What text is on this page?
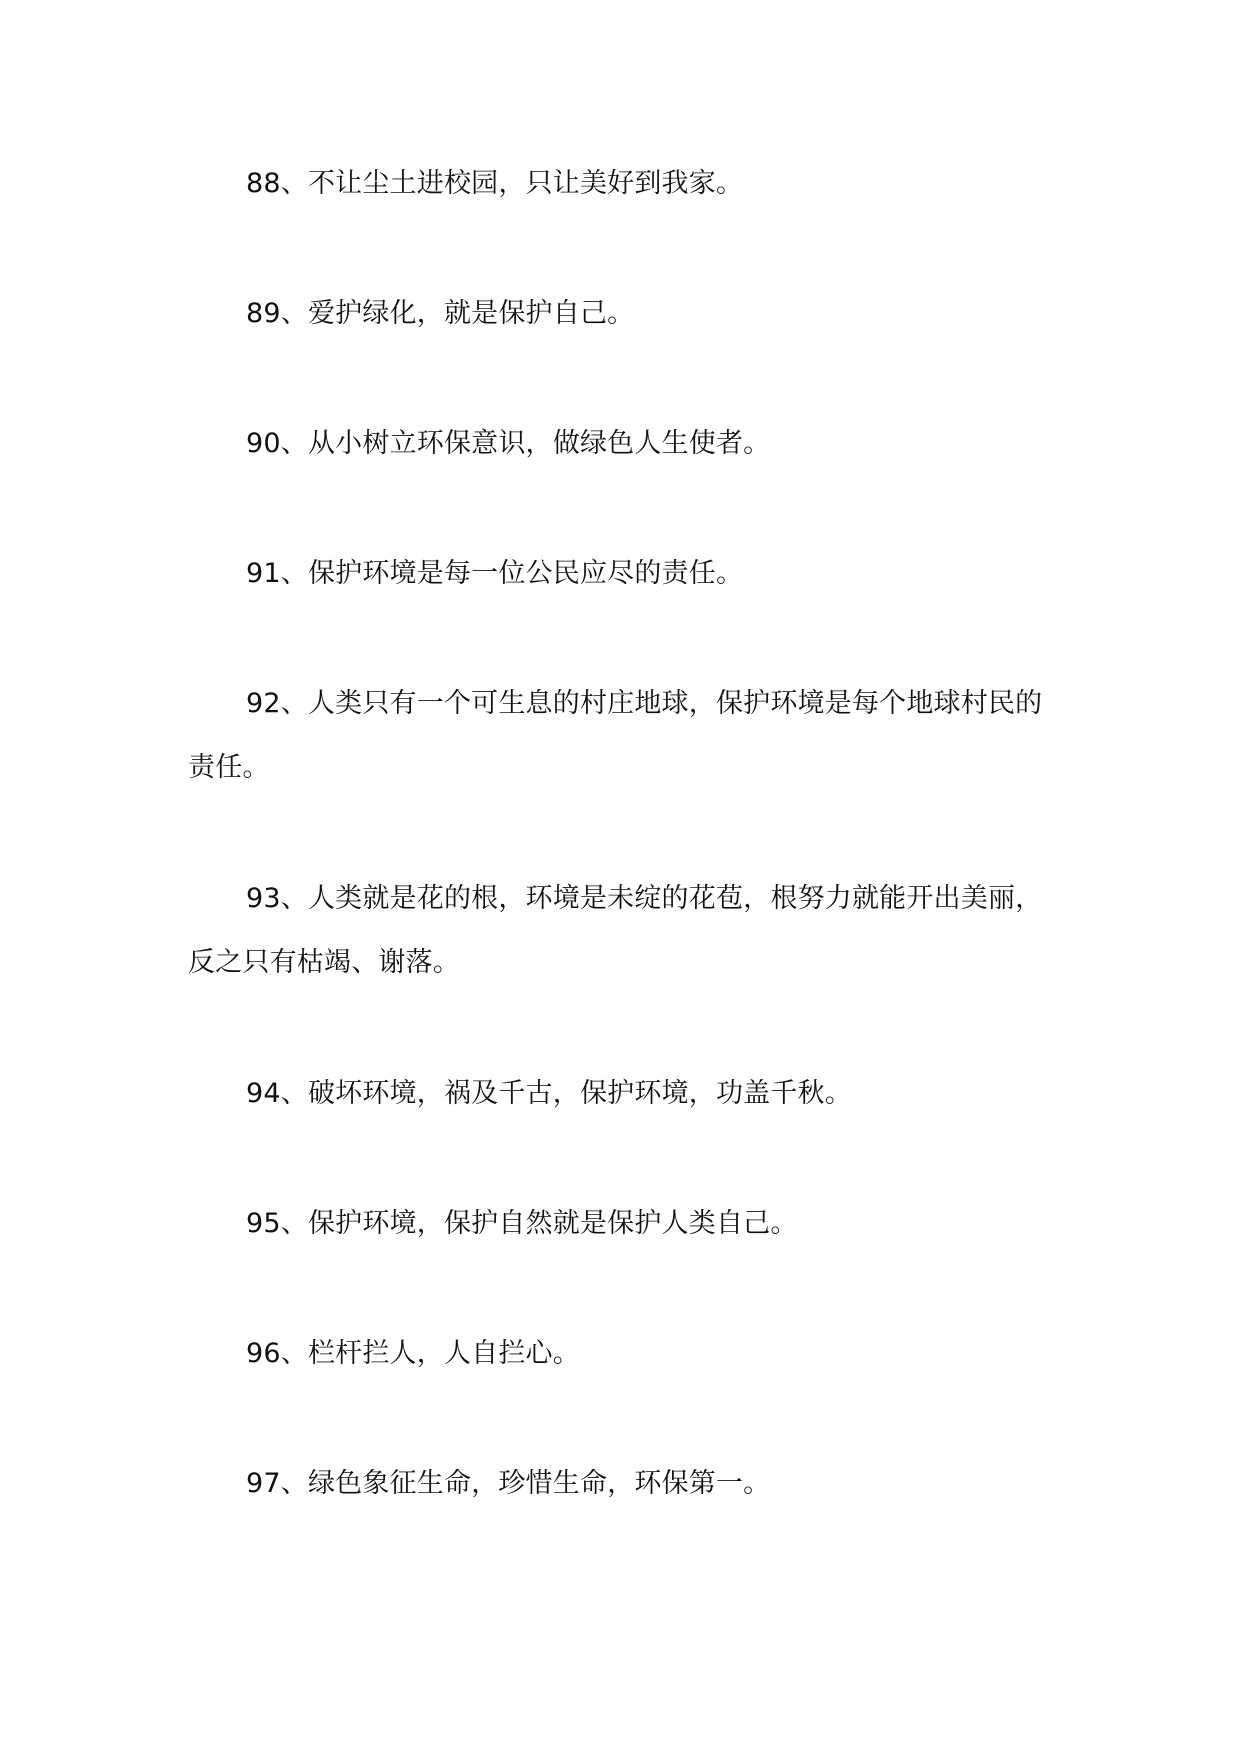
88、不让尘土进校园，只让美好到我家。

89、爱护绿化，就是保护自己。

90、从小树立环保意识，做绿色人生使者。

91、保护环境是每一位公民应尽的责任。

92、人类只有一个可生息的村庄地球，保护环境是每个地球村民的责任。

93、人类就是花的根，环境是未绽的花苞，根努力就能开出美丽，反之只有枯竭、谢落。

94、破坏环境，祸及千古，保护环境，功盖千秋。

95、保护环境，保护自然就是保护人类自己。

96、栏杆拦人，人自拦心。

97、绿色象征生命，珍惜生命，环保第一。
